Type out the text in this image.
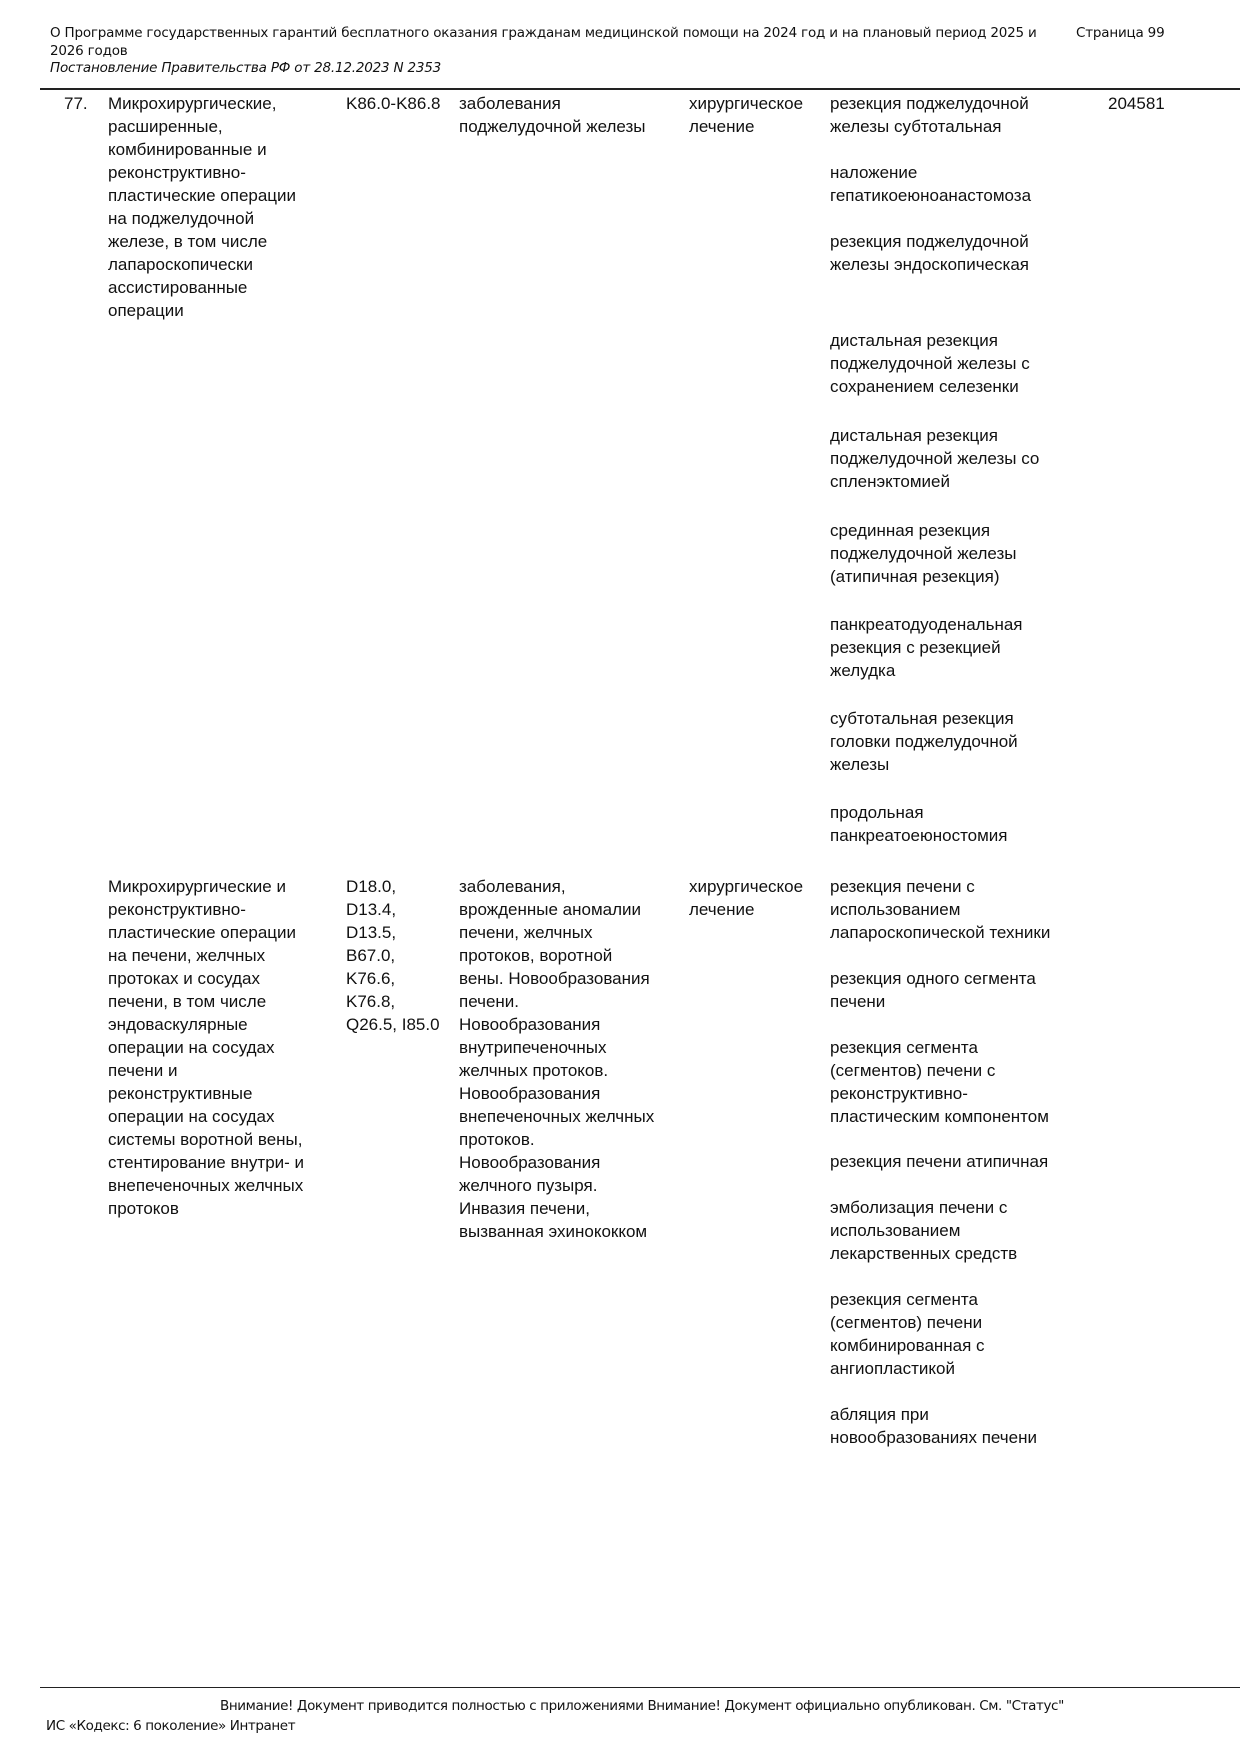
О Программе государственных гарантий бесплатного оказания гражданам медицинской помощи на 2024 год и на плановый период 2025 и 2026 годов
Постановление Правительства РФ от 28.12.2023 N 2353
Страница 99
77. Микрохирургические,
расширенные,
комбинированные и
реконструктивно-
пластические операции
на поджелудочной
железе, в том числе
лапароскопически
ассистированные
операции
K86.0-K86.8	заболевания
поджелудочной железы
хирургическое
лечение
резекция поджелудочной
железы субтотальная
наложение
гепатикоеюноанастомоза
резекция поджелудочной
железы эндоскопическая
дистальная резекция
поджелудочной железы с
сохранением селезенки
дистальная резекция
поджелудочной железы со
спленэктомией
срединная резекция
поджелудочной железы
(атипичная резекция)
панкреатодуоденальная
резекция с резекцией
желудка
субтотальная резекция
головки поджелудочной
железы
продольная
панкреатоеюностомия
204581
Микрохирургические и
реконструктивно-
пластические операции
на печени, желчных
протоках и сосудах
печени, в том числе
эндоваскулярные
операции на сосудах
печени и
реконструктивные
операции на сосудах
системы воротной вены,
стентирование внутри- и
внепеченочных желчных
протоков
D18.0,
D13.4,
D13.5,
B67.0,
K76.6,
K76.8,
Q26.5, I85.0
заболевания,
врожденные аномалии
печени, желчных
протоков, воротной
вены. Новообразования
печени.
Новообразования
внутрипеченочных
желчных протоков.
Новообразования
внепеченочных желчных
протоков.
Новообразования
желчного пузыря.
Инвазия печени,
вызванная эхинококком
хирургическое
лечение
резекция печени с
использованием
лапароскопической техники
резекция одного сегмента
печени
резекция сегмента
(сегментов) печени с
реконструктивно-
пластическим компонентом
резекция печени атипичная
эмболизация печени с
использованием
лекарственных средств
резекция сегмента
(сегментов) печени
комбинированная с
ангиопластикой
абляция при
новообразованиях печени
Внимание! Документ приводится полностью с приложениями Внимание! Документ официально опубликован. См. "Статус"
ИС «Кодекс: 6 поколение» Интранет
